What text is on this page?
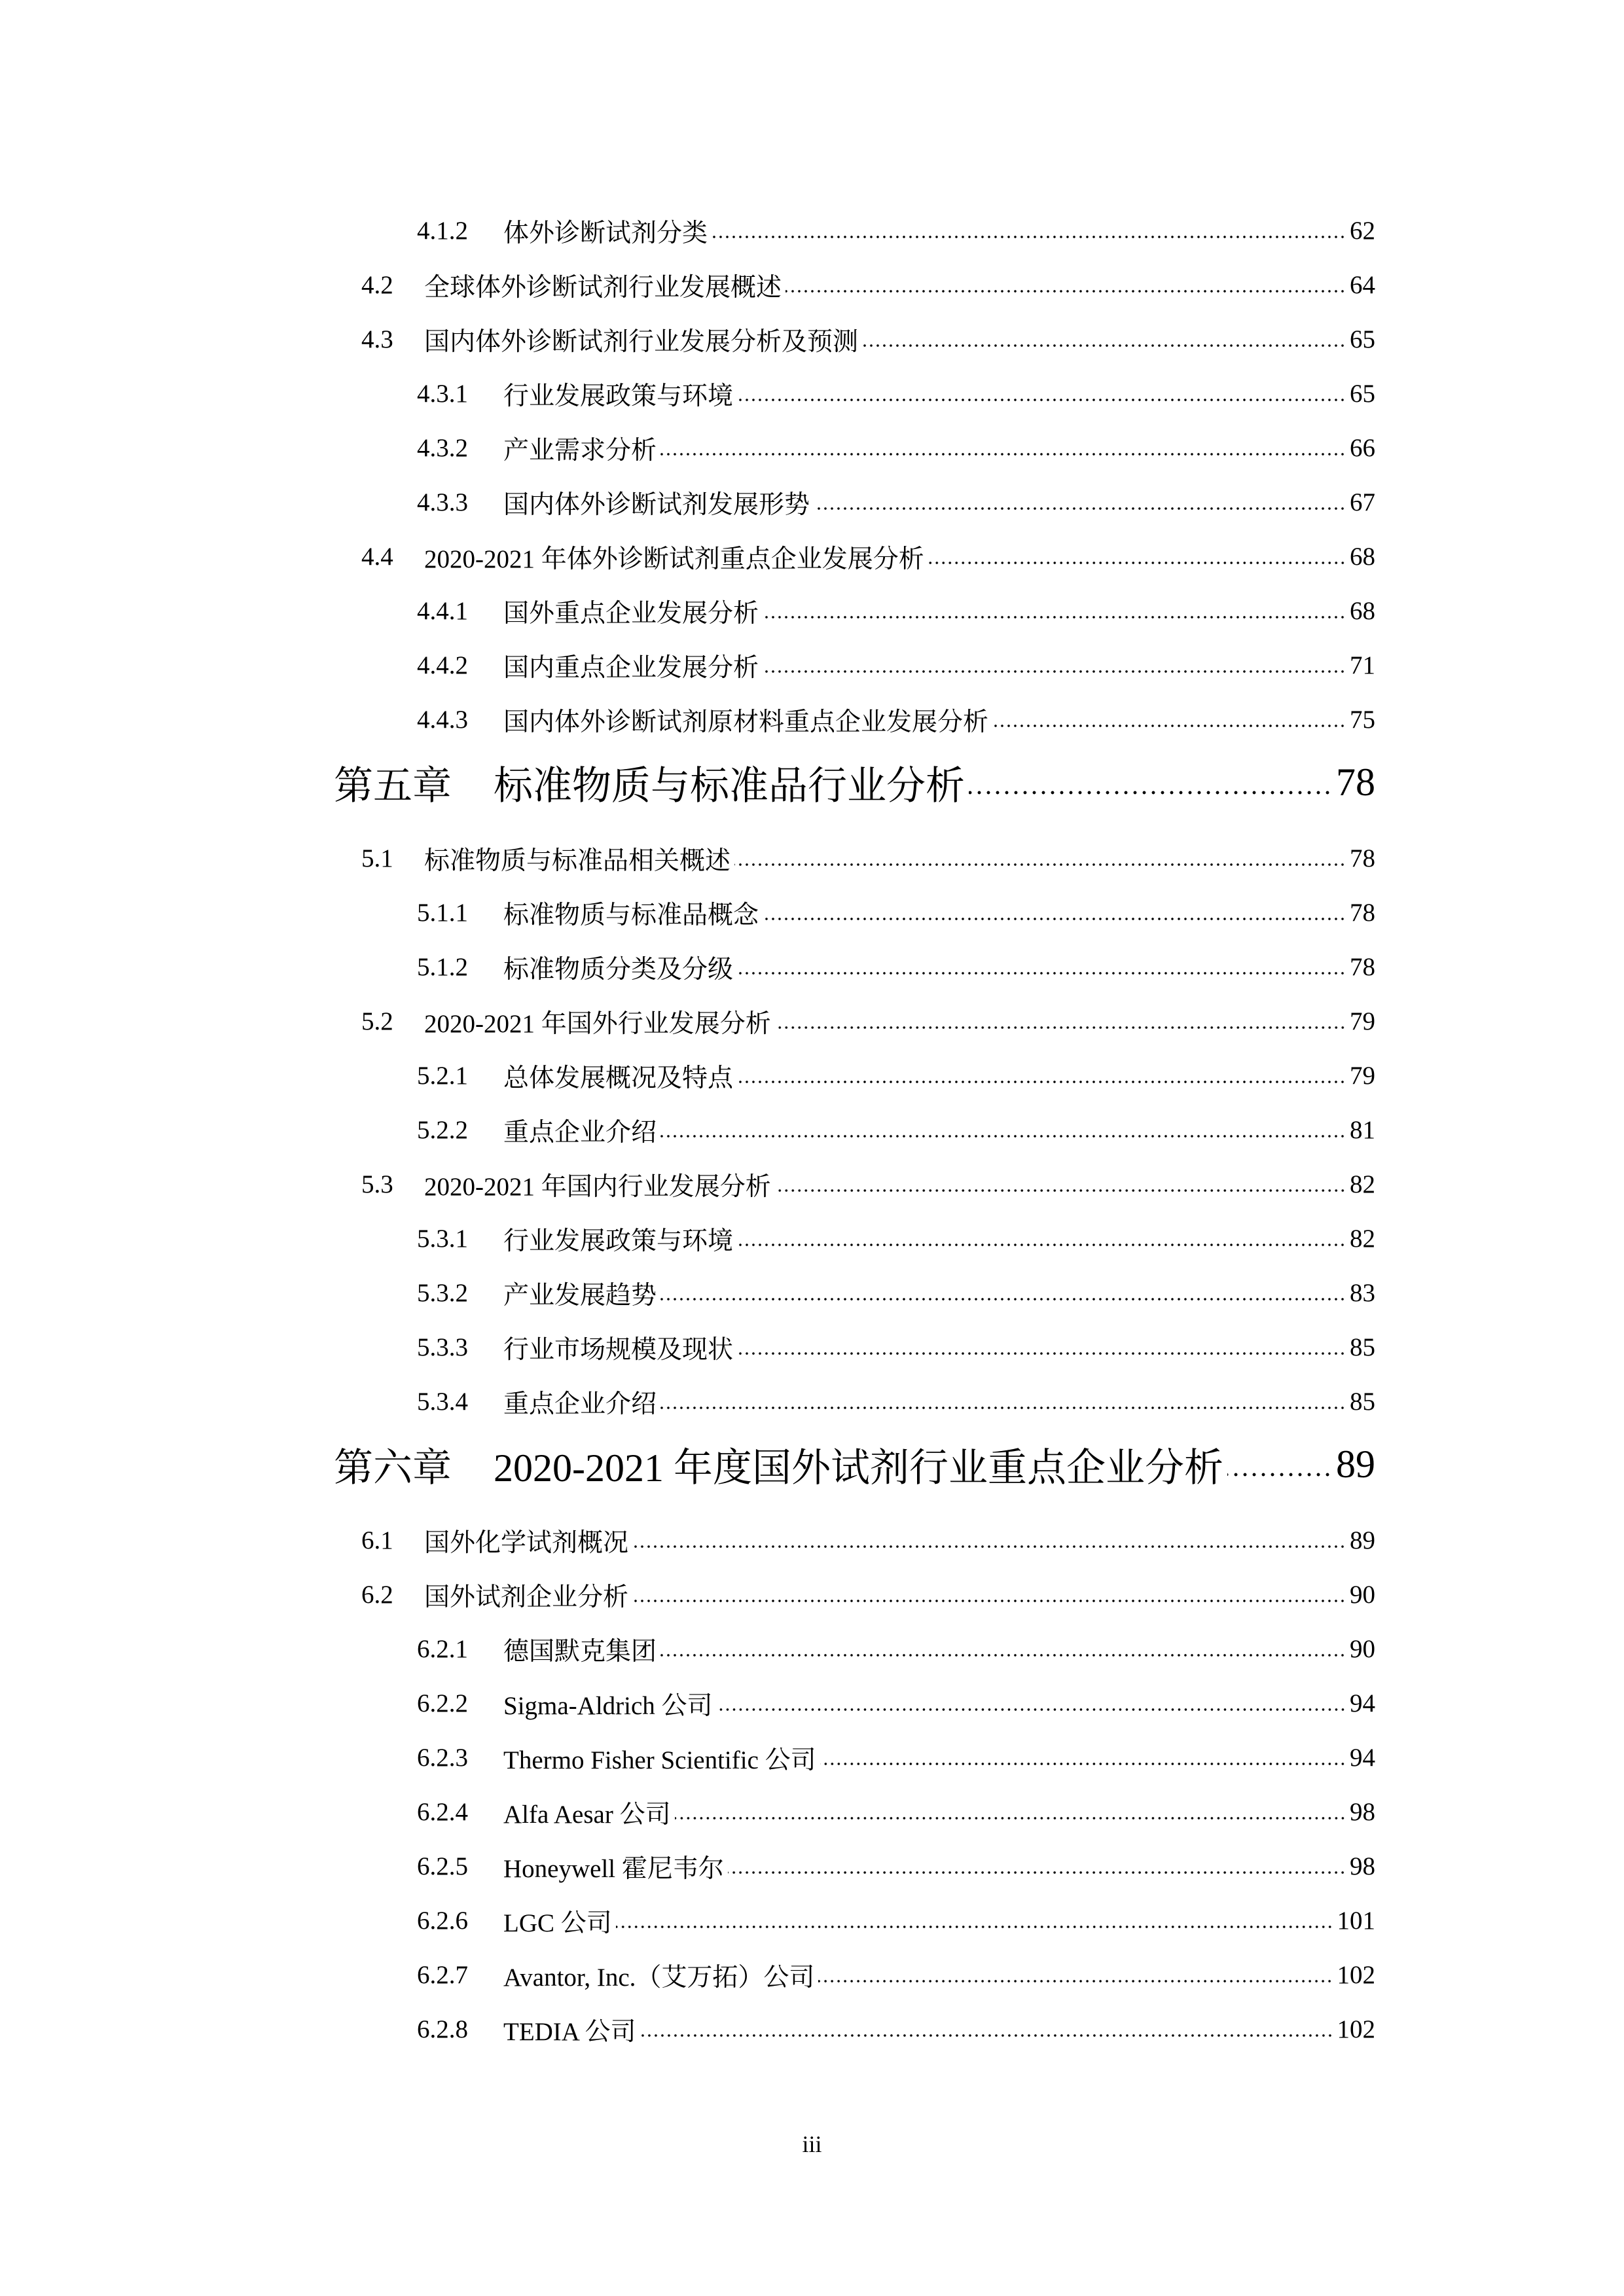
4.1.2 体外诊断试剂分类	62
4.2 全球体外诊断试剂行业发展概述	64
4.3 国内体外诊断试剂行业发展分析及预测	65
4.3.1 行业发展政策与环境	65
4.3.2 产业需求分析	66
4.3.3 国内体外诊断试剂发展形势	67
4.4 2020-2021 年体外诊断试剂重点企业发展分析	68
4.4.1 国外重点企业发展分析	68
4.4.2 国内重点企业发展分析	71
4.4.3 国内体外诊断试剂原材料重点企业发展分析	75
第五章 标准物质与标准品行业分析	78
5.1 标准物质与标准品相关概述	78
5.1.1 标准物质与标准品概念	78
5.1.2 标准物质分类及分级	78
5.2 2020-2021 年国外行业发展分析	79
5.2.1 总体发展概况及特点	79
5.2.2 重点企业介绍	81
5.3 2020-2021 年国内行业发展分析	82
5.3.1 行业发展政策与环境	82
5.3.2 产业发展趋势	83
5.3.3 行业市场规模及现状	85
5.3.4 重点企业介绍	85
第六章 2020-2021 年度国外试剂行业重点企业分析	89
6.1 国外化学试剂概况	89
6.2 国外试剂企业分析	90
6.2.1 德国默克集团	90
6.2.2 Sigma-Aldrich 公司	94
6.2.3 Thermo Fisher Scientific 公司	94
6.2.4 Alfa Aesar 公司	98
6.2.5 Honeywell 霍尼韦尔	98
6.2.6 LGC 公司	101
6.2.7 Avantor, Inc.（艾万拓）公司	102
6.2.8 TEDIA 公司	102
iii
